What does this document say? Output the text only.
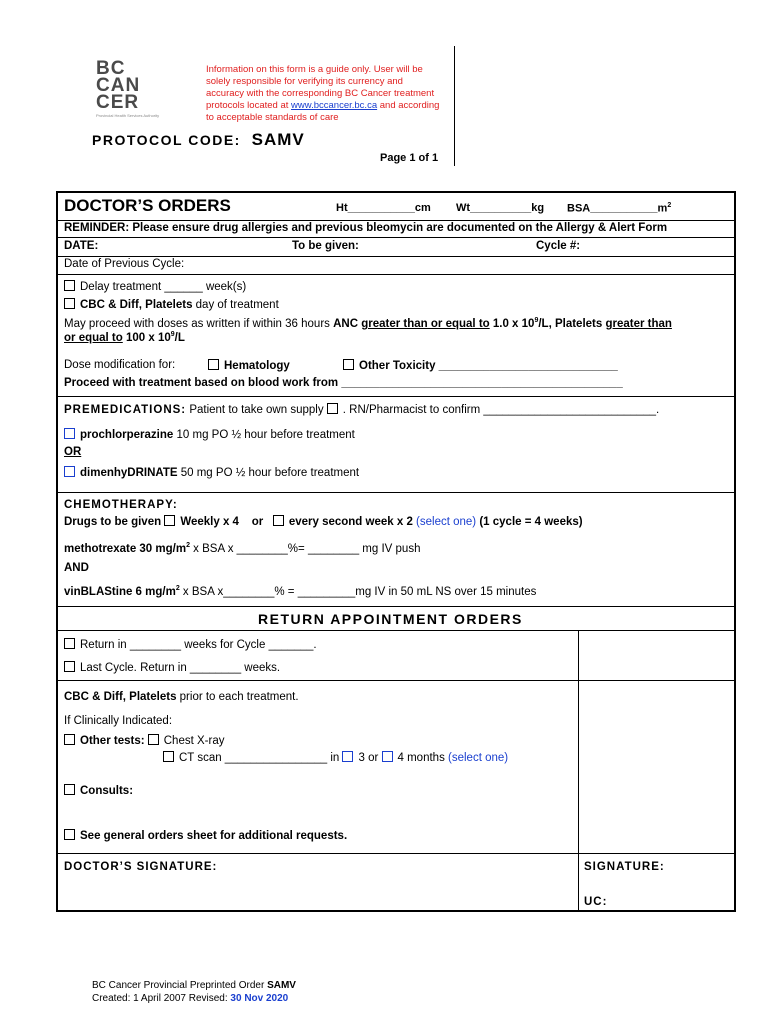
BC
CAN
CER
Provincial Health Services Authority
Information on this form is a guide only. User will be solely responsible for verifying its currency and accuracy with the corresponding BC Cancer treatment protocols located at www.bccancer.bc.ca and according to acceptable standards of care
PROTOCOL CODE: SAMV
Page 1 of 1
DOCTOR’S ORDERS	Ht___________cm Wt__________kg $BSA\_\_\_\_\_\_\_\_\_\_\_m^2$
REMINDER: Please ensure drug allergies and previous bleomycin are documented on the Allergy & Alert Form
DATE:	To be given:	Cycle #:
Date of Previous Cycle:
Delay treatment ______ week(s)
CBC & Diff, Platelets day of treatment
May proceed with doses as written if within 36 hours ANC greater than or equal to 1.0 x $10^9/L$, Platelets greater than
or equal to 100 x $10^9/L$
Dose modification for:	Hematology	Other Toxicity ____________________________
Proceed with treatment based on blood work from ____________________________________________
PREMEDICATIONS: Patient to take own supply . RN/Pharmacist to confirm ___________________________.
prochlorperazine 10 mg PO ½ hour before treatment
OR
dimenhyDRINATE 50 mg PO ½ hour before treatment
CHEMOTHERAPY:
Drugs to be given Weekly x 4 or every second week x 2 (select one) (1 cycle = 4 weeks)
methotrexate 30 $mg/m^2$ x BSA x ________%= ________ mg IV push
AND
vinBLAStine 6 $mg/m^2$ x BSA x________% = _________mg IV in 50 mL NS over 15 minutes
RETURN APPOINTMENT ORDERS
Return in ________ weeks for Cycle _______.
Last Cycle. Return in ________ weeks.
CBC & Diff, Platelets prior to each treatment.
If Clinically Indicated:
Other tests: Chest X-ray
CT scan ________________ in 3 or 4 months (select one)
Consults:
See general orders sheet for additional requests.
DOCTOR’S SIGNATURE:	SIGNATURE:
UC:
BC Cancer Provincial Preprinted Order SAMV
Created: 1 April 2007 Revised: 30 Nov 2020
